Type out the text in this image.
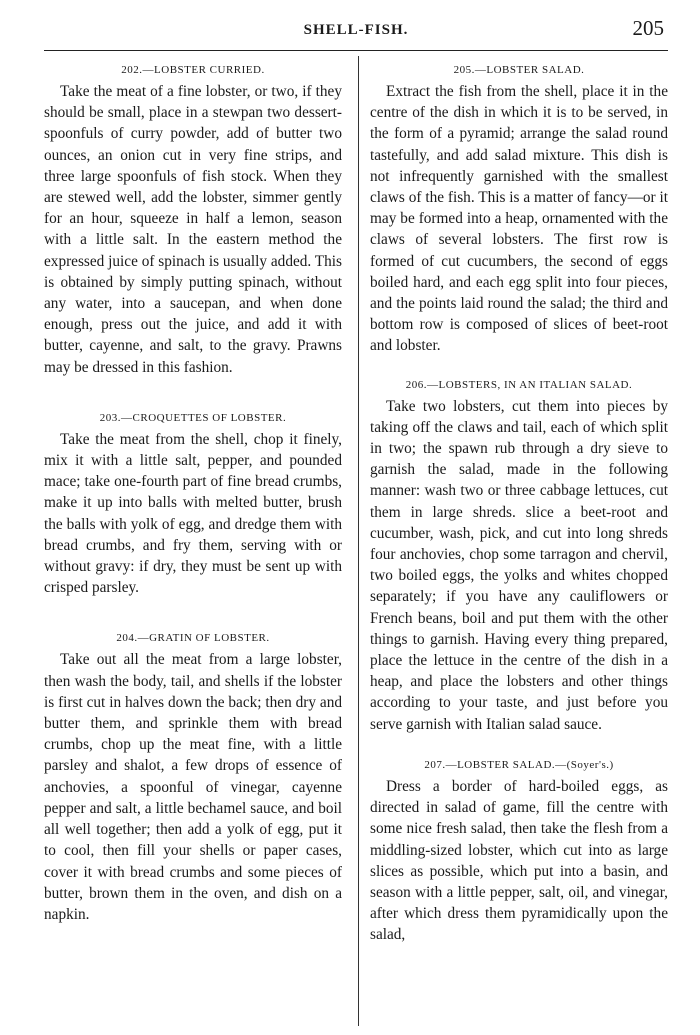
SHELL-FISH.	205
202.—LOBSTER CURRIED.

Take the meat of a fine lobster, or two, if they should be small, place in a stewpan two dessert-spoonfuls of curry powder, add of butter two ounces, an onion cut in very fine strips, and three large spoonfuls of fish stock. When they are stewed well, add the lobster, simmer gently for an hour, squeeze in half a lemon, season with a little salt. In the eastern method the expressed juice of spinach is usually added. This is obtained by simply putting spinach, without any water, into a saucepan, and when done enough, press out the juice, and add it with butter, cayenne, and salt, to the gravy. Prawns may be dressed in this fashion.

203.—CROQUETTES OF LOBSTER.

Take the meat from the shell, chop it finely, mix it with a little salt, pepper, and pounded mace; take one-fourth part of fine bread crumbs, make it up into balls with melted butter, brush the balls with yolk of egg, and dredge them with bread crumbs, and fry them, serving with or without gravy: if dry, they must be sent up with crisped parsley.

204.—GRATIN OF LOBSTER.

Take out all the meat from a large lobster, then wash the body, tail, and shells if the lobster is first cut in halves down the back; then dry and butter them, and sprinkle them with bread crumbs, chop up the meat fine, with a little parsley and shalot, a few drops of essence of anchovies, a spoonful of vinegar, cayenne pepper and salt, a little bechamel sauce, and boil all well together; then add a yolk of egg, put it to cool, then fill your shells or paper cases, cover it with bread crumbs and some pieces of butter, brown them in the oven, and dish on a napkin.

205.—LOBSTER SALAD.

Extract the fish from the shell, place it in the centre of the dish in which it is to be served, in the form of a pyramid; arrange the salad round tastefully, and add salad mixture. This dish is not infrequently garnished with the smallest claws of the fish. This is a matter of fancy—or it may be formed into a heap, ornamented with the claws of several lobsters. The first row is formed of cut cucumbers, the second of eggs boiled hard, and each egg split into four pieces, and the points laid round the salad; the third and bottom row is composed of slices of beet-root and lobster.

206.—LOBSTERS, IN AN ITALIAN SALAD.

Take two lobsters, cut them into pieces by taking off the claws and tail, each of which split in two; the spawn rub through a dry sieve to garnish the salad, made in the following manner: wash two or three cabbage lettuces, cut them in large shreds. slice a beet-root and cucumber, wash, pick, and cut into long shreds four anchovies, chop some tarragon and chervil, two boiled eggs, the yolks and whites chopped separately; if you have any cauliflowers or French beans, boil and put them with the other things to garnish. Having every thing prepared, place the lettuce in the centre of the dish in a heap, and place the lobsters and other things according to your taste, and just before you serve garnish with Italian salad sauce.

207.—LOBSTER SALAD.—(Soyer's.)

Dress a border of hard-boiled eggs, as directed in salad of game, fill the centre with some nice fresh salad, then take the flesh from a middling-sized lobster, which cut into as large slices as possible, which put into a basin, and season with a little pepper, salt, oil, and vinegar, after which dress them pyramidically upon the salad,
